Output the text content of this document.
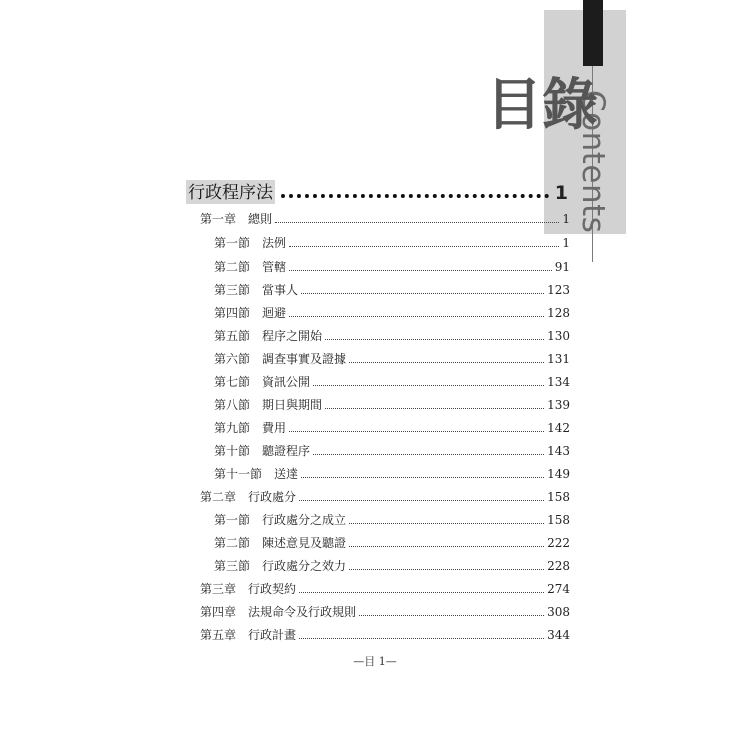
Contents
目錄
行政程序法	1
第一章 總則	1
第一節 法例	1
第二節 管轄	91
第三節 當事人	123
第四節 迴避	128
第五節 程序之開始	130
第六節 調查事實及證據	131
第七節 資訊公開	134
第八節 期日與期間	139
第九節 費用	142
第十節 聽證程序	143
第十一節 送達	149
第二章 行政處分	158
第一節 行政處分之成立	158
第二節 陳述意見及聽證	222
第三節 行政處分之效力	228
第三章 行政契約	274
第四章 法規命令及行政規則	308
第五章 行政計畫	344
—目 1—
